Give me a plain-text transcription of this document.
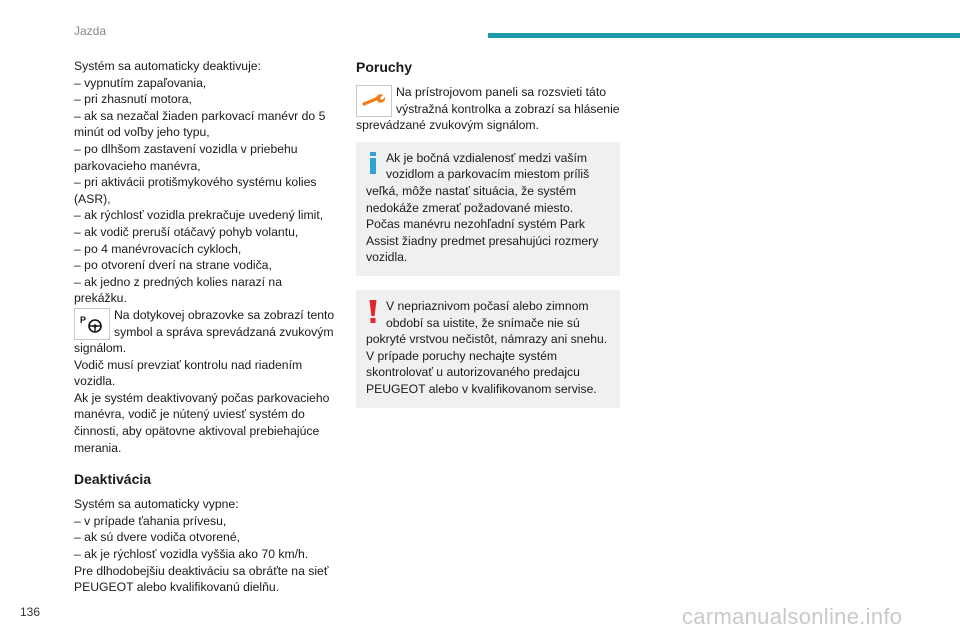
Jazda
Systém sa automaticky deaktivuje:
– vypnutím zapaľovania,
– pri zhasnutí motora,
– ak sa nezačal žiaden parkovací manévr do 5
minút od voľby jeho typu,
– po dlhšom zastavení vozidla v priebehu
parkovacieho manévra,
– pri aktivácii protišmykového systému kolies
(ASR),
– ak rýchlosť vozidla prekračuje uvedený limit,
– ak vodič preruší otáčavý pohyb volantu,
– po 4 manévrovacích cykloch,
– po otvorení dverí na strane vodiča,
– ak jedno z predných kolies narazí na
prekážku.
P	Na dotykovej obrazovke sa zobrazí tento
symbol a správa sprevádzaná zvukovým
signálom.
Vodič musí prevziať kontrolu nad riadením
vozidla.
Ak je systém deaktivovaný počas parkovacieho
manévra, vodič je nútený uviesť systém do
činnosti, aby opätovne aktivoval prebiehajúce
merania.
Deaktivácia
Systém sa automaticky vypne:
– v prípade ťahania prívesu,
– ak sú dvere vodiča otvorené,
– ak je rýchlosť vozidla vyššia ako 70 km/h.
Pre dlhodobejšiu deaktiváciu sa obráťte na sieť
PEUGEOT alebo kvalifikovanú dielňu.
Poruchy
Na prístrojovom paneli sa rozsvieti táto
výstražná kontrolka a zobrazí sa hlásenie
sprevádzané zvukovým signálom.
Ak je bočná vzdialenosť medzi vaším
vozidlom a parkovacím miestom príliš
veľká, môže nastať situácia, že systém
nedokáže zmerať požadované miesto.
Počas manévru nezohľadní systém Park
Assist žiadny predmet presahujúci rozmery
vozidla.
V nepriaznivom počasí alebo zimnom
období sa uistite, že snímače nie sú
pokryté vrstvou nečistôt, námrazy ani snehu.
V prípade poruchy nechajte systém
skontrolovať u autorizovaného predajcu
PEUGEOT alebo v kvalifikovanom servise.
136	carmanualsonline.info
